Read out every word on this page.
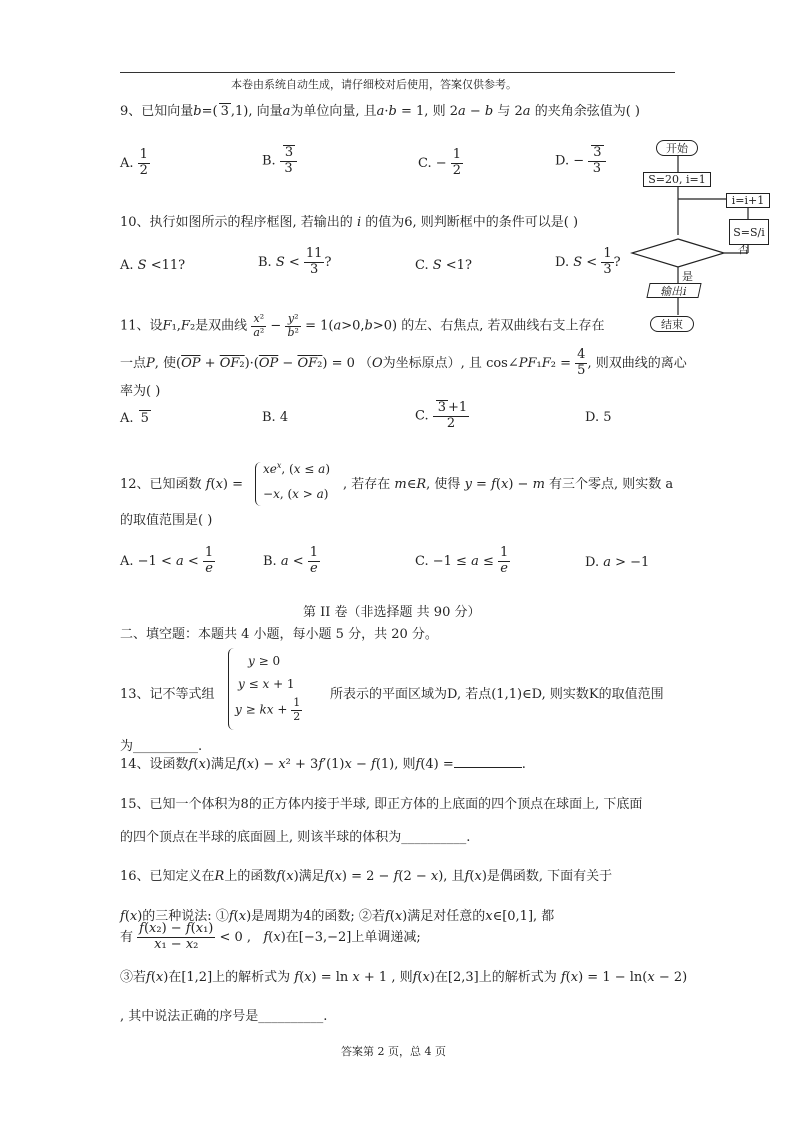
本卷由系统自动生成，请仔细校对后使用，答案仅供参考。
9、已知向量b=( 3 ,1), 向量a为单位向量, 且a·b = 1, 则 2a − b 与 2a 的夹角余弦值为( )
A. $\frac{1}{2}$	B. $\frac{3}{3}$	C. − $\frac{1}{2}$	D. − $\frac{3}{3}$
10、执行如图所示的程序框图, 若输出的 i 的值为6, 则判断框中的条件可以是( )
A. S <11?	B. $S < \frac{11}{3}$ ?	C. S <1?	D. $S < \frac{1}{3}$ ?
开始
S=20, i=1
i=i+1
S=S/i
否
是
输出i
结束
11、设F₁,F₂是双曲线 $\frac{\text{x²}}{\text{a²}} - \frac{\text{y²}}{\text{b²}} = 1(a>0,b>0)$ 的左、右焦点, 若双曲线右支上存在
一点P, 使$(\overline{OP} + OF_2)\cdot(\overline{OP} - OF_2) = 0$ （O为坐标原点）, 且 cos∠PF₁F₂ = $\frac{4}{5}$ , 则双曲线的离心
率为( )
A. 5	B. 4	C. $\frac{3 +1}{2}$	D. 5
12、已知函数 f(x) =
$xe^x$, (x ≤ a)
−x, (x > a)
, 若存在 m∈R, 使得 y = f(x) − m 有三个零点, 则实数 a
的取值范围是( )
A. $-1 < a < \frac{1}{e}$	B. $a < \frac{1}{e}$	C. $-1 \le a \le \frac{1}{e}$	D. a > −1
第 II 卷（非选择题 共 90 分）
二、填空题：本题共 4 小题，每小题 5 分，共 20 分。
13、记不等式组
y ≥ 0
y ≤ x + 1
y ≥ kx + $\frac{1}{2}$
所表示的平面区域为D, 若点(1,1)∈D, 则实数K的取值范围
为__________.
14、设函数f(x)满足f(x) − x² + 3f′(1)x − f(1), 则f(4) =	.
15、已知一个体积为8的正方体内接于半球, 即正方体的上底面的四个顶点在球面上, 下底面
的四个顶点在半球的底面圆上, 则该半球的体积为__________.
16、已知定义在R上的函数f(x)满足f(x) = 2 − f(2 − x), 且f(x)是偶函数, 下面有关于
f(x)的三种说法: ①f(x)是周期为4的函数; ②若f(x)满足对任意的x∈[0,1], 都
有 $\frac{\text{f(x₂) − f(x₁)}}{\text{x₁ − x₂}} < 0$ ,   f(x)在[−3,−2]上单调递减;
③若f(x)在[1,2]上的解析式为 f(x) = ln x + 1 , 则f(x)在[2,3]上的解析式为 f(x) = 1 − ln(x − 2)
, 其中说法正确的序号是__________.
答案第 2 页，总 4 页
